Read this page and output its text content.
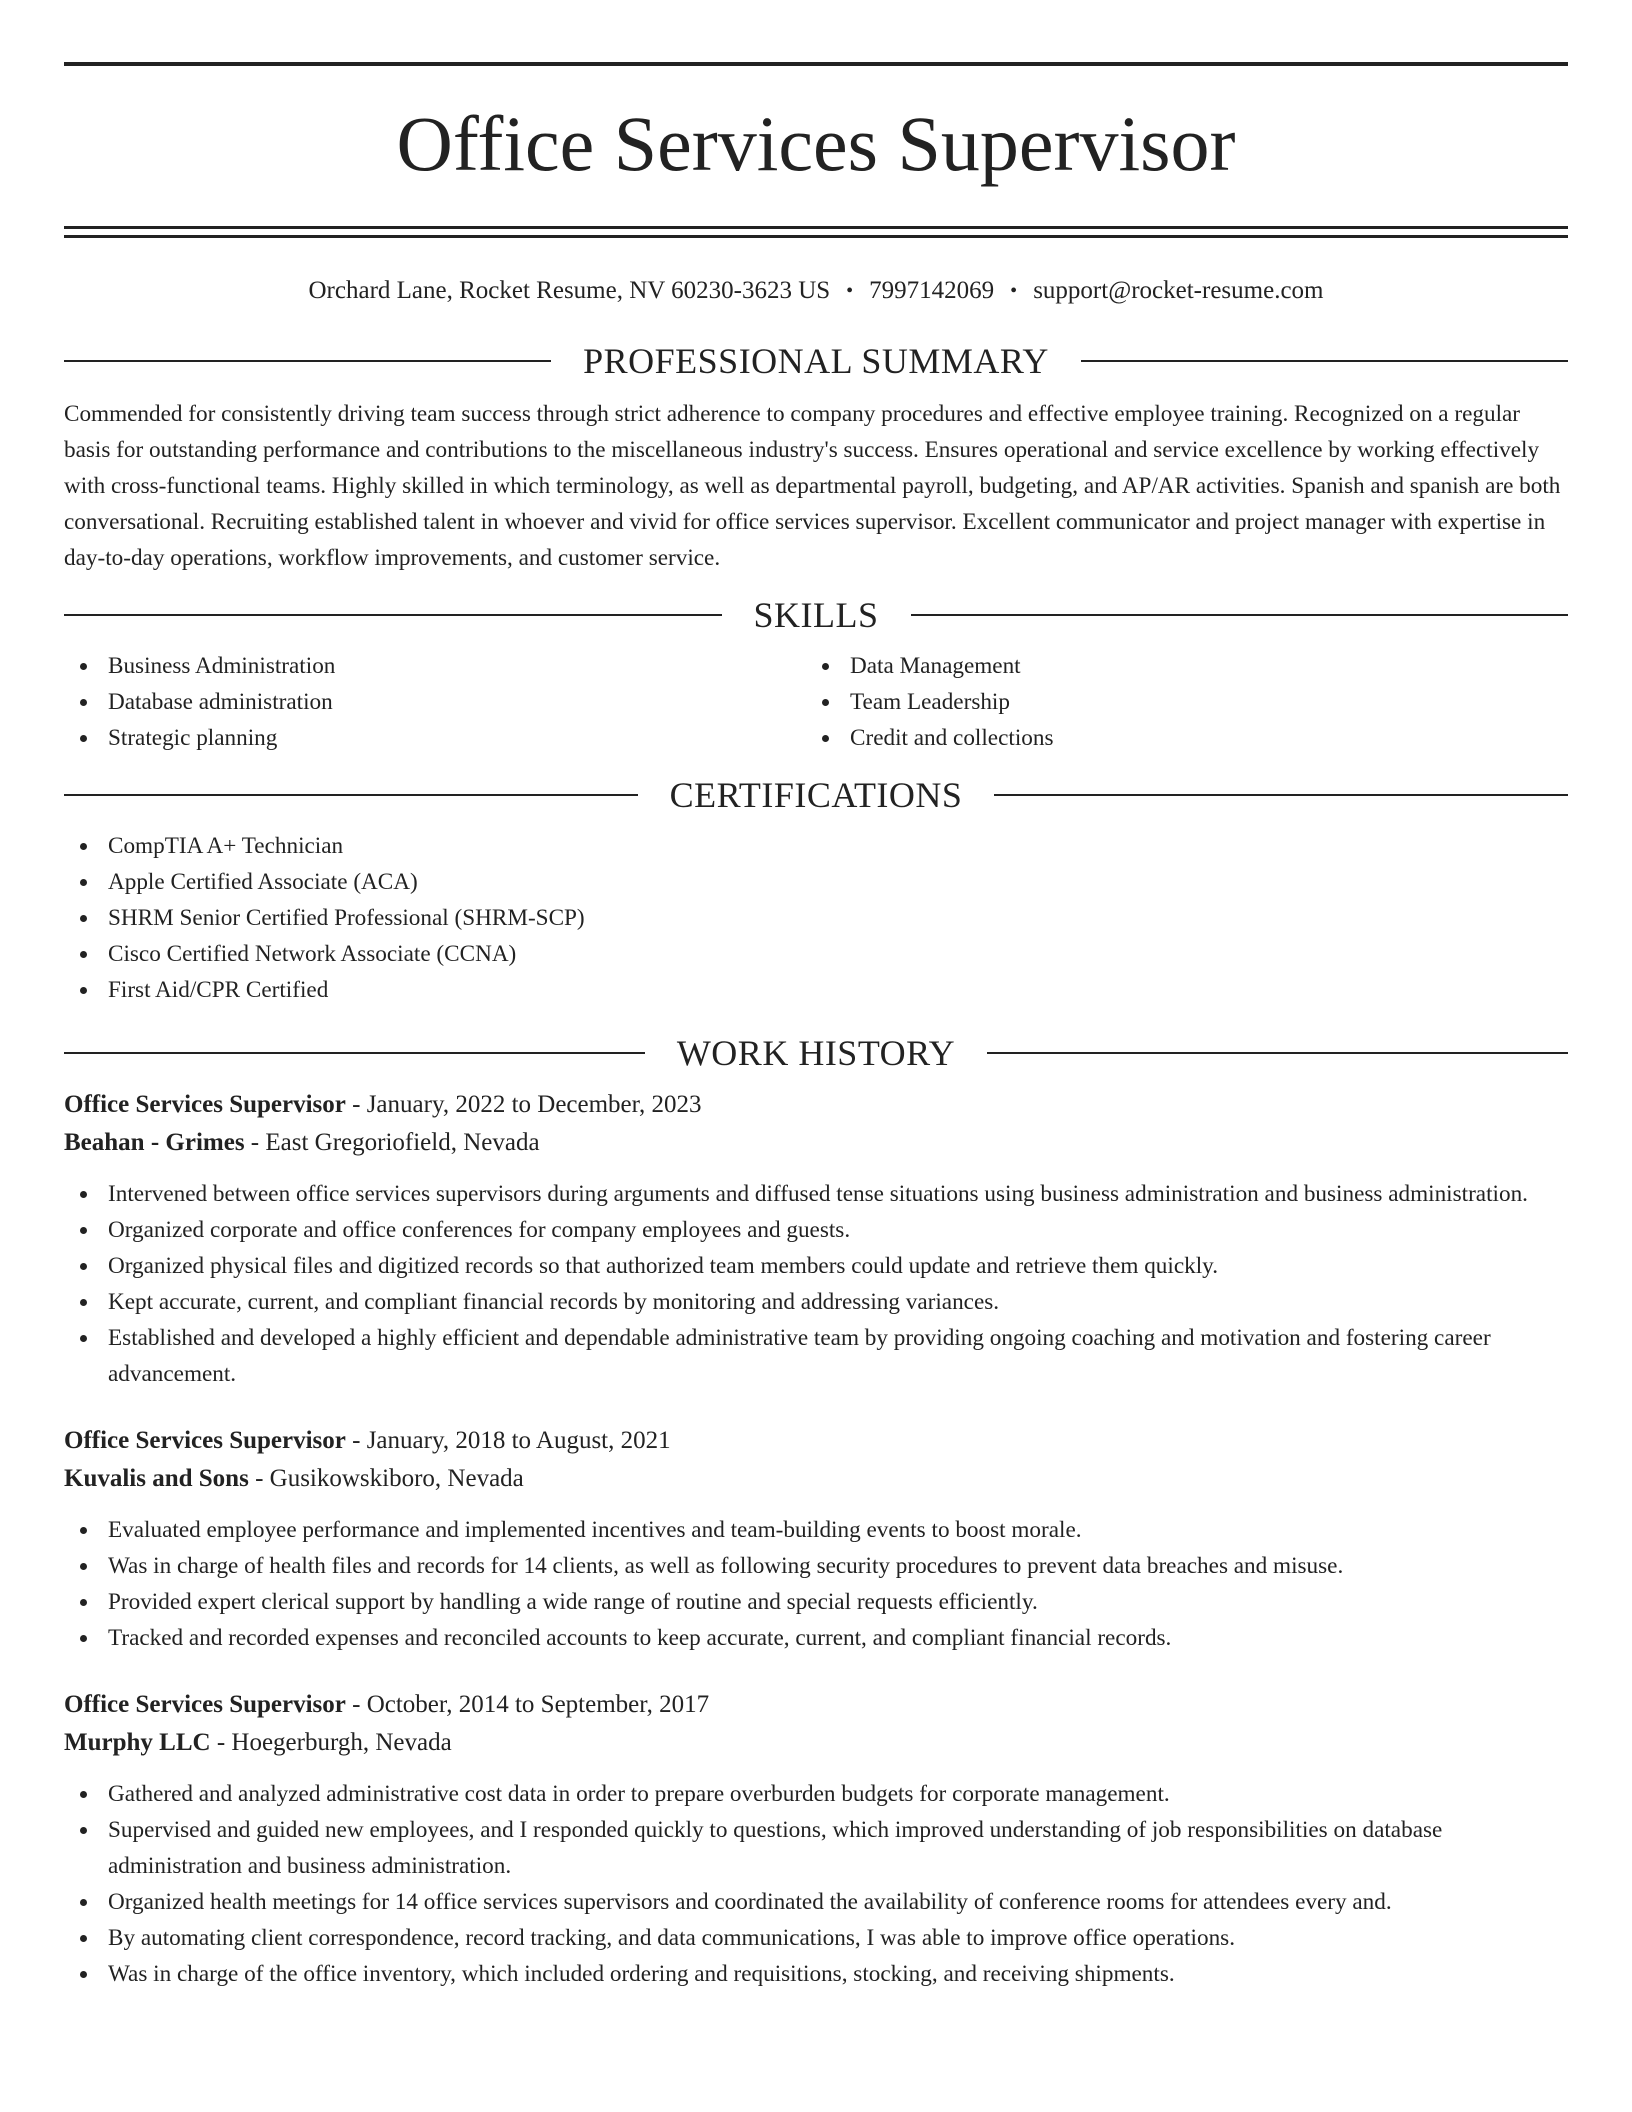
Office Services Supervisor
Orchard Lane, Rocket Resume, NV 60230-3623 US • 7997142069 • support@rocket-resume.com
PROFESSIONAL SUMMARY

Commended for consistently driving team success through strict adherence to company procedures and effective employee training. Recognized on a regular basis for outstanding performance and contributions to the miscellaneous industry's success. Ensures operational and service excellence by working effectively with cross-functional teams. Highly skilled in which terminology, as well as departmental payroll, budgeting, and AP/AR activities. Spanish and spanish are both conversational. Recruiting established talent in whoever and vivid for office services supervisor. Excellent communicator and project manager with expertise in day-to-day operations, workflow improvements, and customer service.

SKILLS
Business Administration
Database administration
Strategic planning
Data Management
Team Leadership
Credit and collections
CERTIFICATIONS
CompTIA A+ Technician
Apple Certified Associate (ACA)
SHRM Senior Certified Professional (SHRM-SCP)
Cisco Certified Network Associate (CCNA)
First Aid/CPR Certified
WORK HISTORY
Office Services Supervisor - January, 2022 to December, 2023
Beahan - Grimes - East Gregoriofield, Nevada
Intervened between office services supervisors during arguments and diffused tense situations using business administration and business administration.
Organized corporate and office conferences for company employees and guests.
Organized physical files and digitized records so that authorized team members could update and retrieve them quickly.
Kept accurate, current, and compliant financial records by monitoring and addressing variances.
Established and developed a highly efficient and dependable administrative team by providing ongoing coaching and motivation and fostering career advancement.
Office Services Supervisor - January, 2018 to August, 2021
Kuvalis and Sons - Gusikowskiboro, Nevada
Evaluated employee performance and implemented incentives and team-building events to boost morale.
Was in charge of health files and records for 14 clients, as well as following security procedures to prevent data breaches and misuse.
Provided expert clerical support by handling a wide range of routine and special requests efficiently.
Tracked and recorded expenses and reconciled accounts to keep accurate, current, and compliant financial records.
Office Services Supervisor - October, 2014 to September, 2017
Murphy LLC - Hoegerburgh, Nevada
Gathered and analyzed administrative cost data in order to prepare overburden budgets for corporate management.
Supervised and guided new employees, and I responded quickly to questions, which improved understanding of job responsibilities on database administration and business administration.
Organized health meetings for 14 office services supervisors and coordinated the availability of conference rooms for attendees every and.
By automating client correspondence, record tracking, and data communications, I was able to improve office operations.
Was in charge of the office inventory, which included ordering and requisitions, stocking, and receiving shipments.
